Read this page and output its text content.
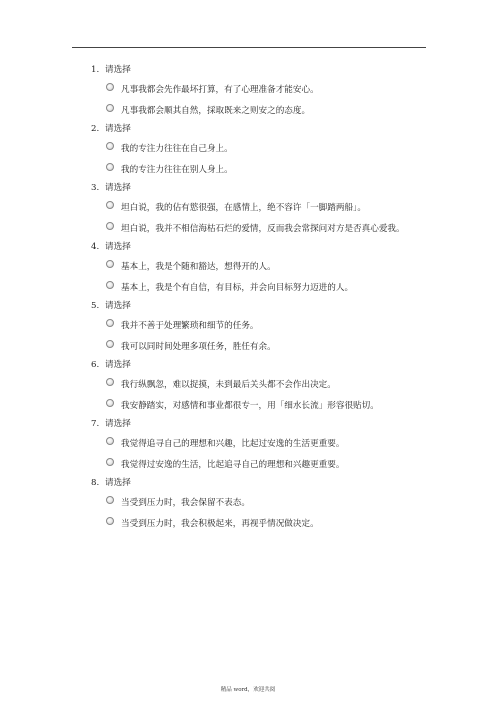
1. 请选择
凡事我都会先作最坏打算，有了心理准备才能安心。
凡事我都会顺其自然，採取既来之则安之的态度。
2. 请选择
我的专注力往往在自己身上。
我的专注力往往在别人身上。
3. 请选择
坦白说，我的佔有慾很强，在感情上，绝不容许「一脚踏两船」。
坦白说，我并不相信海枯石烂的爱情，反而我会常探问对方是否真心爱我。
4. 请选择
基本上，我是个随和豁达，想得开的人。
基本上，我是个有自信，有目标，并会向目标努力迈进的人。
5. 请选择
我并不善于处理繁琐和细节的任务。
我可以同时间处理多项任务，胜任有余。
6. 请选择
我行纵飘忽，难以捉摸，未到最后关头都不会作出决定。
我安静踏实，对感情和事业都很专一，用「细水长流」形容很贴切。
7. 请选择
我觉得追寻自己的理想和兴趣，比起过安逸的生活更重要。
我觉得过安逸的生活，比起追寻自己的理想和兴趣更重要。
8. 请选择
当受到压力时，我会保留不表态。
当受到压力时，我会积极起来，再视乎情况做决定。
精品 word，欢迎共阅
